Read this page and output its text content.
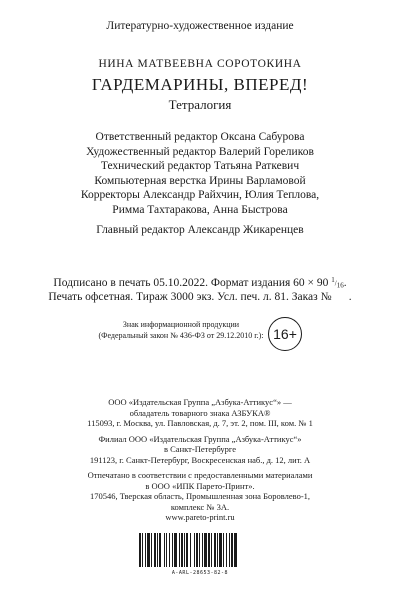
Литературно-художественное издание
НИНА МАТВЕЕВНА СОРОТОКИНА
ГАРДЕМАРИНЫ, ВПЕРЕД!
Тетралогия
Ответственный редактор Оксана Сабурова
Художественный редактор Валерий Гореликов
Технический редактор Татьяна Раткевич
Компьютерная верстка Ирины Варламовой
Корректоры Александр Райхчин, Юлия Теплова,
Римма Тахтаракова, Анна Быстрова
Главный редактор Александр Жикаренцев
Подписано в печать 05.10.2022. Формат издания 60 × 90 $^1/_{16}$.
Печать офсетная. Тираж 3000 экз. Усл. печ. л. 81. Заказ № .
Знак информационной продукции
(Федеральный закон № 436-ФЗ от 29.12.2010 г.): 16+
ООО «Издательская Группа „Азбука-Аттикус“» —
обладатель товарного знака АЗБУКА®
115093, г. Москва, ул. Павловская, д. 7, эт. 2, пом. III, ком. № 1
Филиал ООО «Издательская Группа „Азбука-Аттикус“»
в Санкт-Петербурге
191123, г. Санкт-Петербург, Воскресенская наб., д. 12, лит. А
Отпечатано в соответствии с предоставленными материалами
в ООО «ИПК Парето-Принт».
170546, Тверская область, Промышленная зона Боровлево-1,
комплекс № 3А.
www.pareto-print.ru
A-ARL-28653-82-8
